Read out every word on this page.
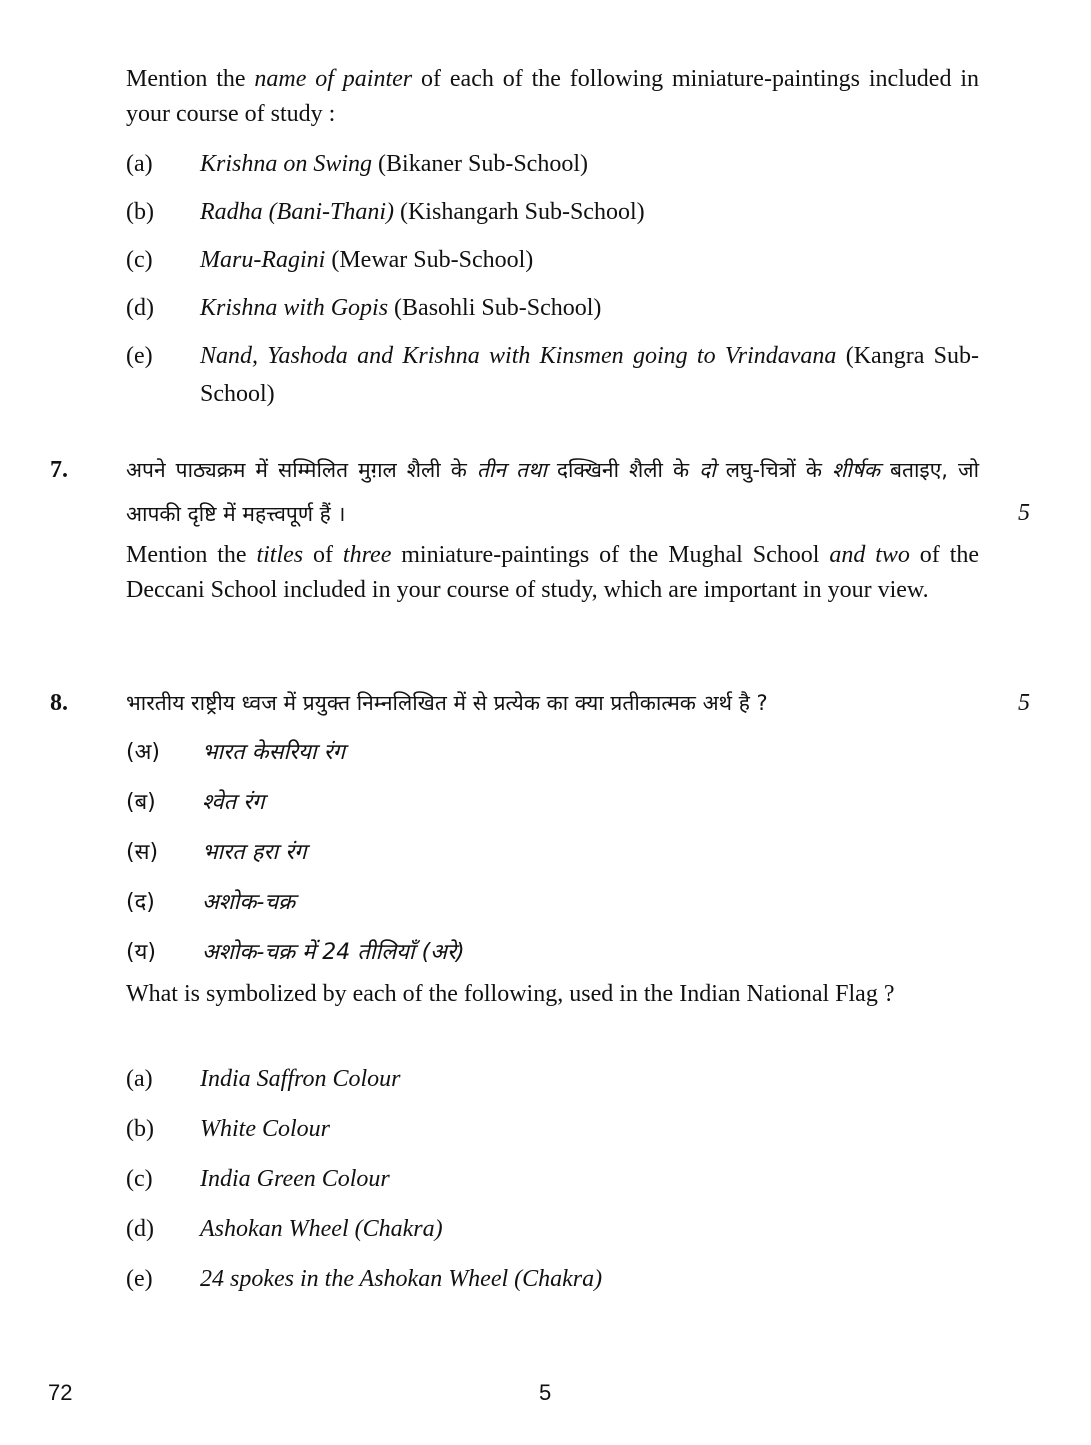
Mention the name of painter of each of the following miniature-paintings included in your course of study :

(a) Krishna on Swing (Bikaner Sub-School)
(b) Radha (Bani-Thani) (Kishangarh Sub-School)
(c) Maru-Ragini (Mewar Sub-School)
(d) Krishna with Gopis (Basohli Sub-School)
(e) Nand, Yashoda and Krishna with Kinsmen going to Vrindavana (Kangra Sub-School)
7.	अपने पाठ्यक्रम में सम्मिलित मुग़ल शैली के तीन तथा दक्खिनी शैली के दो लघु-चित्रों के शीर्षक बताइए, जो आपकी दृष्टि में महत्त्वपूर्ण हैं ।	5

Mention the titles of three miniature-paintings of the Mughal School and two of the Deccani School included in your course of study, which are important in your view.

8.	भारतीय राष्ट्रीय ध्वज में प्रयुक्त निम्नलिखित में से प्रत्येक का क्या प्रतीकात्मक अर्थ है ?	5
(अ) भारत केसरिया रंग
(ब) श्वेत रंग
(स) भारत हरा रंग
(द) अशोक-चक्र
(य) अशोक-चक्र में 24 तीलियाँ (अरे)

What is symbolized by each of the following, used in the Indian National Flag ?

(a) India Saffron Colour
(b) White Colour
(c) India Green Colour
(d) Ashokan Wheel (Chakra)
(e) 24 spokes in the Ashokan Wheel (Chakra)
72	5
